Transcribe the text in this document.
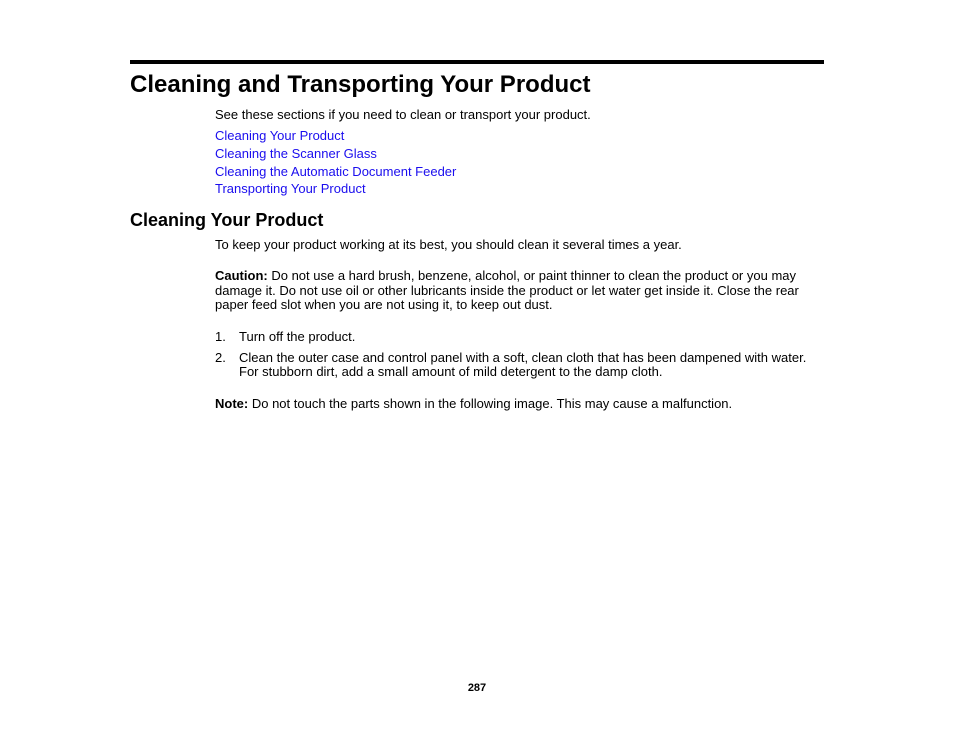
Cleaning and Transporting Your Product

See these sections if you need to clean or transport your product.

Cleaning Your Product

Cleaning the Scanner Glass

Cleaning the Automatic Document Feeder

Transporting Your Product

Cleaning Your Product

To keep your product working at its best, you should clean it several times a year.

Caution: Do not use a hard brush, benzene, alcohol, or paint thinner to clean the product or you may

damage it. Do not use oil or other lubricants inside the product or let water get inside it. Close the rear

paper feed slot when you are not using it, to keep out dust.

1. Turn off the product.

2. Clean the outer case and control panel with a soft, clean cloth that has been dampened with water.

For stubborn dirt, add a small amount of mild detergent to the damp cloth.

Note: Do not touch the parts shown in the following image. This may cause a malfunction.

287
